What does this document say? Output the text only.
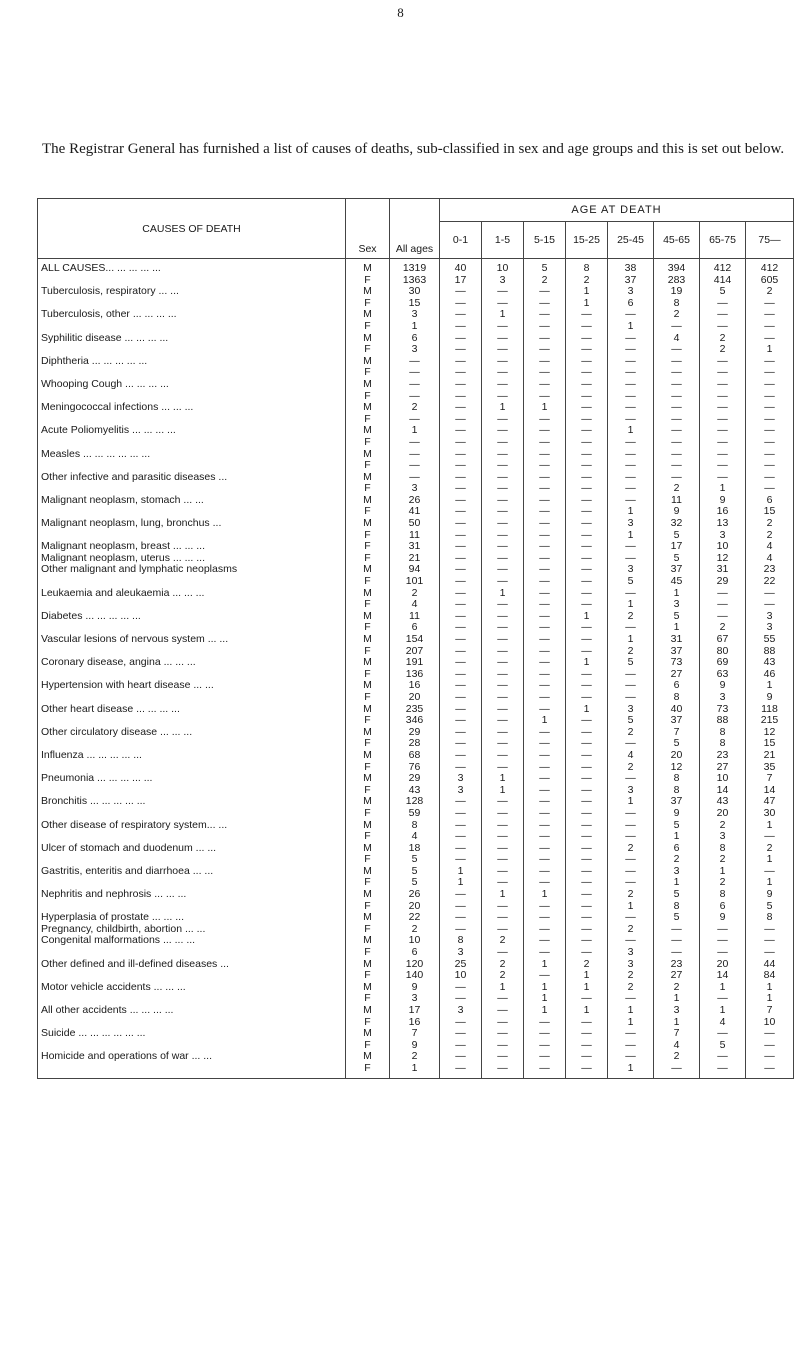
8

The Registrar General has furnished a list of causes of deaths, sub-classified in sex and age groups and this is set out below.

CAUSES OF DEATH	Sex	All ages	AGE AT DEATH							
			0-1	1-5	5-15	15-25	25-45	45-65	65-75	75—
ALL CAUSES... ... ... ... ...	M	1319	40	10	5	8	38	394	412	412
	F	1363	17	3	2	2	37	283	414	605
Tuberculosis, respiratory ... ...	M	30	—	—	—	1	3	19	5	2
	F	15	—	—	—	1	6	8	—	—
Tuberculosis, other ... ... ... ...	M	3	—	1	—	—	—	2	—	—
	F	1	—	—	—	—	1	—	—	—
Syphilitic disease ... ... ... ...	M	6	—	—	—	—	—	4	2	—
	F	3	—	—	—	—	—	—	2	1
Diphtheria ... ... ... ... ...	M	—	—	—	—	—	—	—	—	—
	F	—	—	—	—	—	—	—	—	—
Whooping Cough ... ... ... ...	M	—	—	—	—	—	—	—	—	—
	F	—	—	—	—	—	—	—	—	—
Meningococcal infections ... ... ...	M	2	—	1	1	—	—	—	—	—
	F	—	—	—	—	—	—	—	—	—
Acute Poliomyelitis ... ... ... ...	M	1	—	—	—	—	1	—	—	—
	F	—	—	—	—	—	—	—	—	—
Measles ... ... ... ... ... ...	M	—	—	—	—	—	—	—	—	—
	F	—	—	—	—	—	—	—	—	—
Other infective and parasitic diseases ...	M	—	—	—	—	—	—	—	—	—
	F	3	—	—	—	—	—	2	1	—
Malignant neoplasm, stomach ... ...	M	26	—	—	—	—	—	11	9	6
	F	41	—	—	—	—	1	9	16	15
Malignant neoplasm, lung, bronchus ...	M	50	—	—	—	—	3	32	13	2
	F	11	—	—	—	—	1	5	3	2
Malignant neoplasm, breast ... ... ...	F	31	—	—	—	—	—	17	10	4
Malignant neoplasm, uterus ... ... ...	F	21	—	—	—	—	—	5	12	4
Other malignant and lymphatic neoplasms	M	94	—	—	—	—	3	37	31	23
	F	101	—	—	—	—	5	45	29	22
Leukaemia and aleukaemia ... ... ...	M	2	—	1	—	—	—	1	—	—
	F	4	—	—	—	—	1	3	—	—
Diabetes ... ... ... ... ...	M	11	—	—	—	1	2	5	—	3
	F	6	—	—	—	—	—	1	2	3
Vascular lesions of nervous system ... ...	M	154	—	—	—	—	1	31	67	55
	F	207	—	—	—	—	2	37	80	88
Coronary disease, angina ... ... ...	M	191	—	—	—	1	5	73	69	43
	F	136	—	—	—	—	—	27	63	46
Hypertension with heart disease ... ...	M	16	—	—	—	—	—	6	9	1
	F	20	—	—	—	—	—	8	3	9
Other heart disease ... ... ... ...	M	235	—	—	—	1	3	40	73	118
	F	346	—	—	1	—	5	37	88	215
Other circulatory disease ... ... ...	M	29	—	—	—	—	2	7	8	12
	F	28	—	—	—	—	—	5	8	15
Influenza ... ... ... ... ...	M	68	—	—	—	—	4	20	23	21
	F	76	—	—	—	—	2	12	27	35
Pneumonia ... ... ... ... ...	M	29	3	1	—	—	—	8	10	7
	F	43	3	1	—	—	3	8	14	14
Bronchitis ... ... ... ... ...	M	128	—	—	—	—	1	37	43	47
	F	59	—	—	—	—	—	9	20	30
Other disease of respiratory system... ...	M	8	—	—	—	—	—	5	2	1
	F	4	—	—	—	—	—	1	3	—
Ulcer of stomach and duodenum ... ...	M	18	—	—	—	—	2	6	8	2
	F	5	—	—	—	—	—	2	2	1
Gastritis, enteritis and diarrhoea ... ...	M	5	1	—	—	—	—	3	1	—
	F	5	1	—	—	—	—	1	2	1
Nephritis and nephrosis ... ... ...	M	26	—	1	1	—	2	5	8	9
	F	20	—	—	—	—	1	8	6	5
Hyperplasia of prostate ... ... ...	M	22	—	—	—	—	—	5	9	8
Pregnancy, childbirth, abortion ... ...	F	2	—	—	—	—	2	—	—	—
Congenital malformations ... ... ...	M	10	8	2	—	—	—	—	—	—
	F	6	3	—	—	—	3	—	—	—
Other defined and ill-defined diseases ...	M	120	25	2	1	2	3	23	20	44
	F	140	10	2	—	1	2	27	14	84
Motor vehicle accidents ... ... ...	M	9	—	1	1	1	2	2	1	1
	F	3	—	—	1	—	—	1	—	1
All other accidents ... ... ... ...	M	17	3	—	1	1	1	3	1	7
	F	16	—	—	—	—	1	1	4	10
Suicide ... ... ... ... ... ...	M	7	—	—	—	—	—	7	—	—
	F	9	—	—	—	—	—	4	5	—
Homicide and operations of war ... ...	M	2	—	—	—	—	—	2	—	—
	F	1	—	—	—	—	1	—	—	—
